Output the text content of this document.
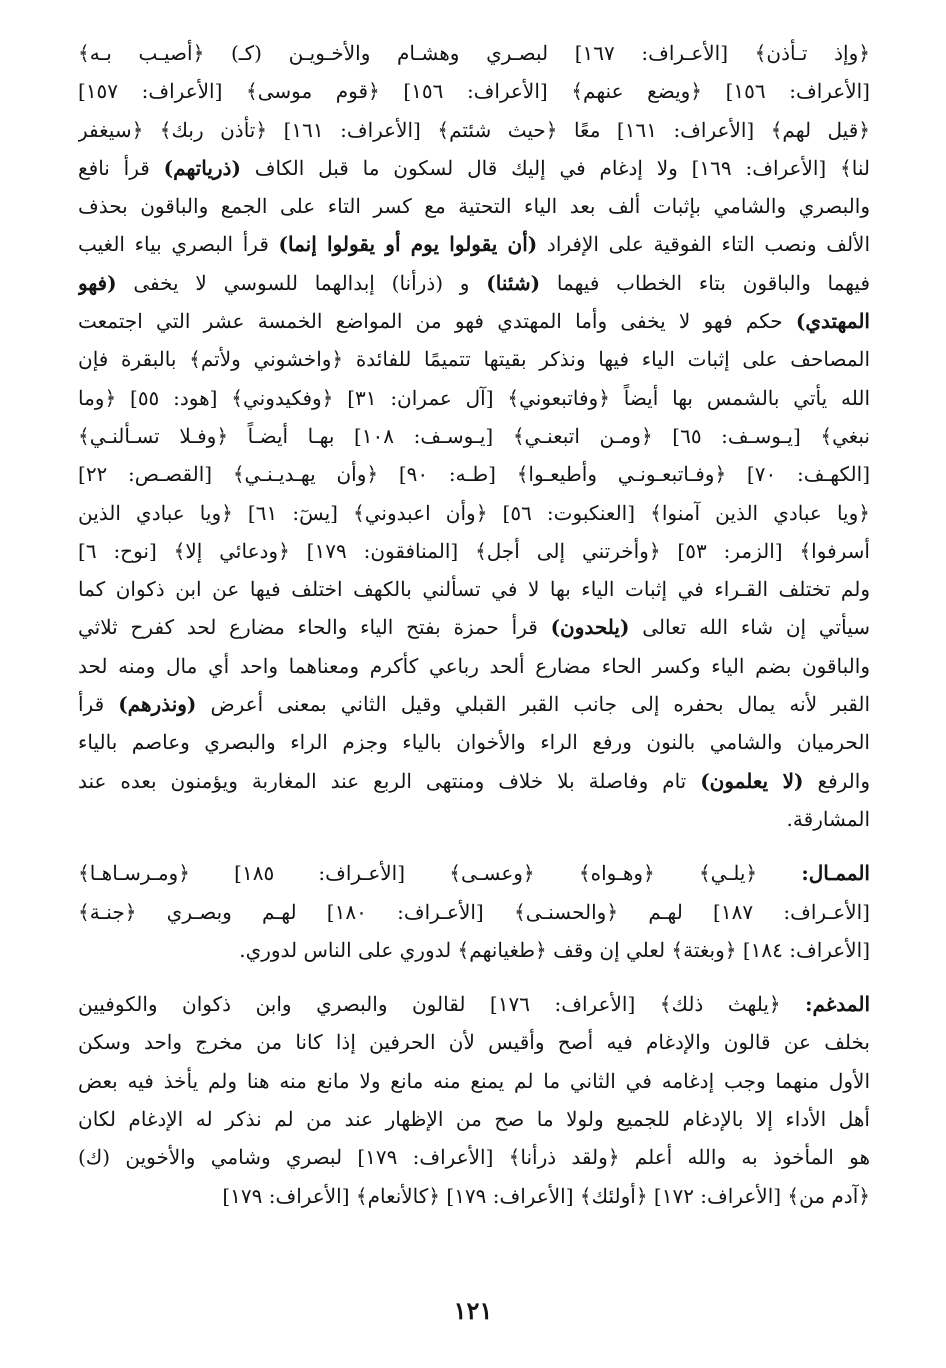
﴿وإذ تـأذن﴾ [الأعـراف: ١٦٧] لبصـري وهشـام والأخـويـن (كـ) ﴿أصيـب بـه﴾
[الأعراف: ١٥٦] ﴿ويضع عنهم﴾ [الأعراف: ١٥٦] ﴿قوم موسى﴾ [الأعراف: ١٥٧]
﴿قيل لهم﴾ [الأعراف: ١٦١] معًا ﴿حيث شئتم﴾ [الأعراف: ١٦١] ﴿تأذن ربك﴾ ﴿سيغفر
لنا﴾ [الأعراف: ١٦٩] ولا إدغام في إليك قال لسكون ما قبل الكاف (ذرياتهم) قرأ نافع
والبصري والشامي بإثبات ألف بعد الياء التحتية مع كسر التاء على الجمع والباقون بحذف
الألف ونصب التاء الفوقية على الإفراد (أن يقولوا يوم أو يقولوا إنما) قرأ البصري بياء الغيب
فيهما والباقون بتاء الخطاب فيهما (شئنا) و (ذرأنا) إبدالهما للسوسي لا يخفى (فهو
المهتدي) حكم فهو لا يخفى وأما المهتدي فهو من المواضع الخمسة عشر التي اجتمعت
المصاحف على إثبات الياء فيها ونذكر بقيتها تتميمًا للفائدة ﴿واخشوني ولأتم﴾ بالبقرة فإن
الله يأتي بالشمس بها أيضاً ﴿وفاتبعوني﴾ [آل عمران: ٣١] ﴿وفكيدوني﴾ [هود: ٥٥] ﴿وما
نبغي﴾ [يـوسـف: ٦٥] ﴿ومـن اتبعنـي﴾ [يـوسـف: ١٠٨] بهـا أيضـاً ﴿وفـلا تسـألنـي﴾
[الكهـف: ٧٠] ﴿وفـاتبعـونـي وأطيعـوا﴾ [طـه: ٩٠] ﴿وأن يهـديـنـي﴾ [القصـص: ٢٢]
﴿ويا عبادي الذين آمنوا﴾ [العنكبوت: ٥٦] ﴿وأن اعبدوني﴾ [يسٓ: ٦١] ﴿ويا عبادي الذين
أسرفوا﴾ [الزمر: ٥٣] ﴿وأخرتني إلى أجل﴾ [المنافقون: ١٧٩] ﴿ودعائي إلا﴾ [نوح: ٦]
ولم تختلف القـراء في إثبات الياء بها لا في تسألني بالكهف اختلف فيها عن ابن ذكوان كما
سيأتي إن شاء الله تعالى (يلحدون) قرأ حمزة بفتح الياء والحاء مضارع لحد كفرح ثلاثي
والباقون بضم الياء وكسر الحاء مضارع ألحد رباعي كأكرم ومعناهما واحد أي مال ومنه لحد
القبر لأنه يمال بحفره إلى جانب القبر القبلي وقيل الثاني بمعنى أعرض (ونذرهم) قرأ
الحرميان والشامي بالنون ورفع الراء والأخوان بالياء وجزم الراء والبصري وعاصم بالياء
والرفع (لا يعلمون) تام وفاصلة بلا خلاف ومنتهى الربع عند المغاربة ويؤمنون بعده عند
المشارقة.
الممـال: ﴿يلـي﴾ ﴿وهـواه﴾ ﴿وعسـى﴾ [الأعـراف: ١٨٥] ﴿ومـرسـاهـا﴾
[الأعـراف: ١٨٧] لهـم ﴿والحسنـى﴾ [الأعـراف: ١٨٠] لهـم وبصـري ﴿جنـة﴾
[الأعراف: ١٨٤] ﴿وبغتة﴾ لعلي إن وقف ﴿طغيانهم﴾ لدوري على الناس لدوري.
المدغم: ﴿يلهث ذلك﴾ [الأعراف: ١٧٦] لقالون والبصري وابن ذكوان والكوفيين
بخلف عن قالون والإدغام فيه أصح وأقيس لأن الحرفين إذا كانا من مخرج واحد وسكن
الأول منهما وجب إدغامه في الثاني ما لم يمنع منه مانع ولا مانع منه هنا ولم يأخذ فيه بعض
أهل الأداء إلا بالإدغام للجميع ولولا ما صح من الإظهار عند من لم نذكر له الإدغام لكان
هو المأخوذ به والله أعلم ﴿ولقد ذرأنا﴾ [الأعراف: ١٧٩] لبصري وشامي والأخوين (ك)
﴿آدم من﴾ [الأعراف: ١٧٢] ﴿أولئك﴾ [الأعراف: ١٧٩] ﴿كالأنعام﴾ [الأعراف: ١٧٩]
١٢١
